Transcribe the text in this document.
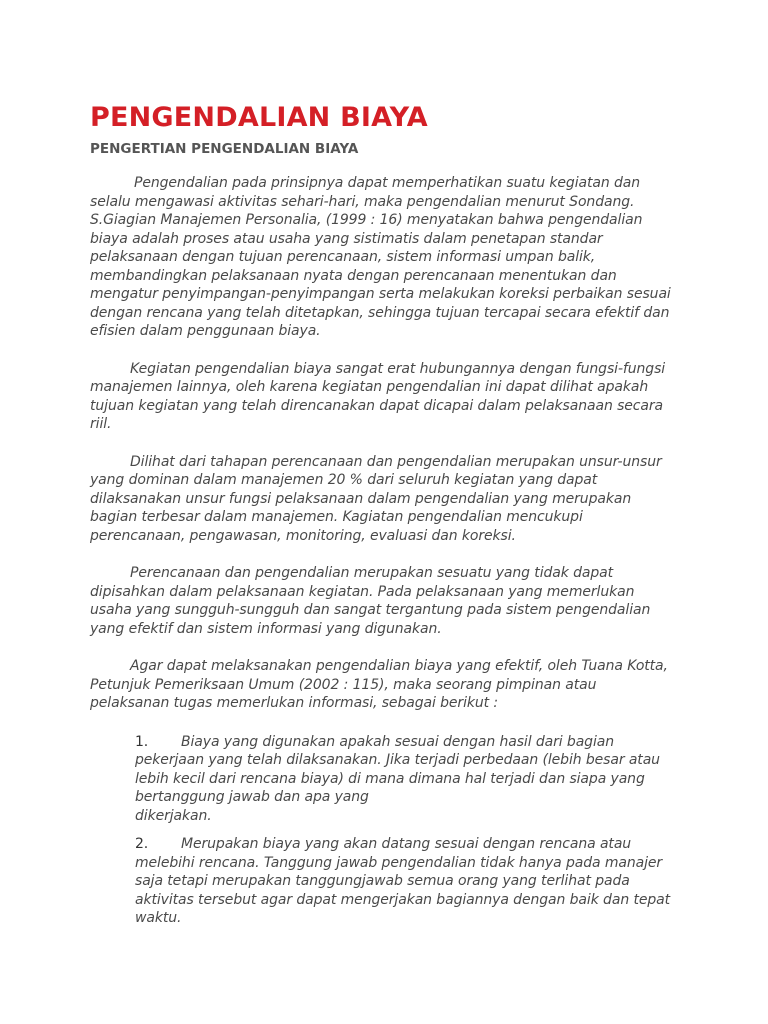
PENGENDALIAN BIAYA
PENGERTIAN PENGENDALIAN BIAYA

Pengendalian pada prinsipnya dapat memperhatikan suatu kegiatan dan selalu mengawasi aktivitas sehari-hari, maka pengendalian menurut Sondang. S.Giagian Manajemen Personalia, (1999 : 16) menyatakan bahwa pengendalian biaya adalah proses atau usaha yang sistimatis dalam penetapan standar pelaksanaan dengan tujuan perencanaan, sistem informasi umpan balik, membandingkan pelaksanaan nyata dengan perencanaan menentukan dan mengatur penyimpangan-penyimpangan serta melakukan koreksi perbaikan sesuai dengan rencana yang telah ditetapkan, sehingga tujuan tercapai secara efektif dan efisien dalam penggunaan biaya.

Kegiatan pengendalian biaya sangat erat hubungannya dengan fungsi-fungsi manajemen lainnya, oleh karena kegiatan pengendalian ini dapat dilihat apakah tujuan kegiatan yang telah direncanakan dapat dicapai dalam pelaksanaan secara riil.

Dilihat dari tahapan perencanaan dan pengendalian merupakan unsur-unsur yang dominan dalam manajemen 20 % dari seluruh kegiatan yang dapat dilaksanakan unsur fungsi pelaksanaan dalam pengendalian yang merupakan bagian terbesar dalam manajemen. Kagiatan pengendalian mencukupi perencanaan, pengawasan, monitoring, evaluasi dan koreksi.

Perencanaan dan pengendalian merupakan sesuatu yang tidak dapat dipisahkan dalam pelaksanaan kegiatan. Pada pelaksanaan yang memerlukan usaha yang sungguh-sungguh dan sangat tergantung pada sistem pengendalian yang efektif dan sistem informasi yang digunakan.

Agar dapat melaksanakan pengendalian biaya yang efektif, oleh Tuana Kotta, Petunjuk Pemeriksaan Umum (2002 : 115), maka seorang pimpinan atau pelaksanan tugas memerlukan informasi, sebagai berikut :

1. Biaya yang digunakan apakah sesuai dengan hasil dari bagian pekerjaan yang telah dilaksanakan. Jika terjadi perbedaan (lebih besar atau lebih kecil dari rencana biaya) di mana dimana hal terjadi dan siapa yang bertanggung jawab dan apa yang
dikerjakan.
2. Merupakan biaya yang akan datang sesuai dengan rencana atau melebihi rencana. Tanggung jawab pengendalian tidak hanya pada manajer saja tetapi merupakan tanggungjawab semua orang yang terlihat pada aktivitas tersebut agar dapat mengerjakan bagiannya dengan baik dan tepat waktu.
